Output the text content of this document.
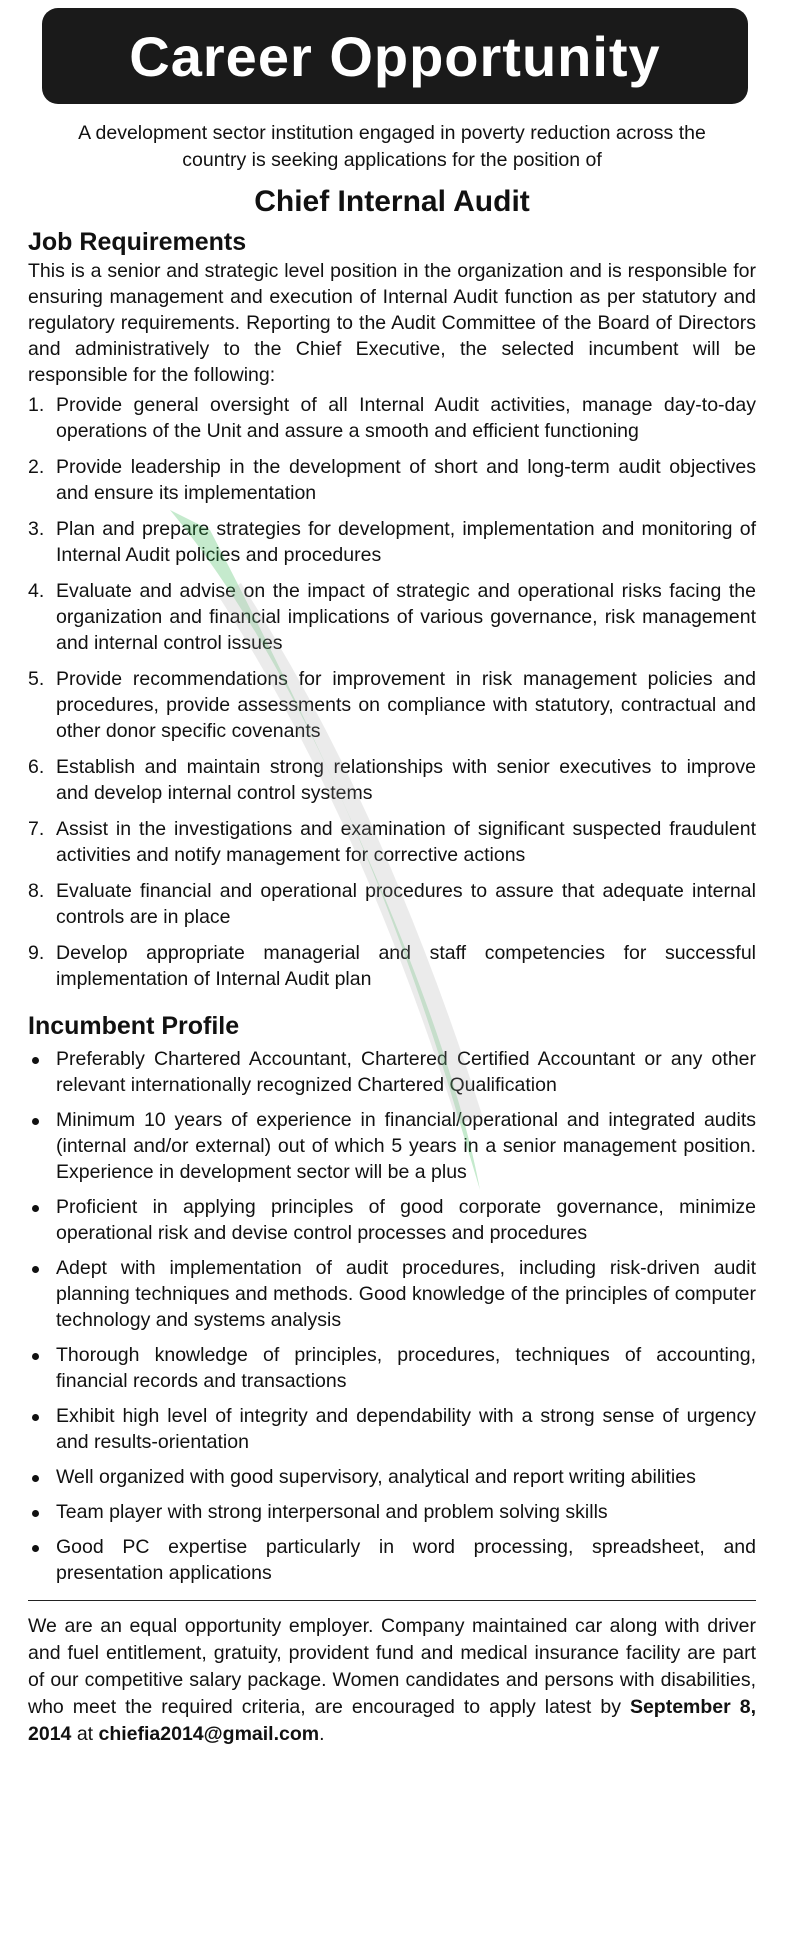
Career Opportunity
A development sector institution engaged in poverty reduction across the
country is seeking applications for the position of
Chief Internal Audit
Job Requirements
This is a senior and strategic level position in the organization and is responsible for ensuring management and execution of Internal Audit function as per statutory and regulatory requirements. Reporting to the Audit Committee of the Board of Directors and administratively to the Chief Executive, the selected incumbent will be responsible for the following:
1. Provide general oversight of all Internal Audit activities, manage day-to-day operations of the Unit and assure a smooth and efficient functioning
2. Provide leadership in the development of short and long-term audit objectives and ensure its implementation
3. Plan and prepare strategies for development, implementation and monitoring of Internal Audit policies and procedures
4. Evaluate and advise on the impact of strategic and operational risks facing the organization and financial implications of various governance, risk management and internal control issues
5. Provide recommendations for improvement in risk management policies and procedures, provide assessments on compliance with statutory, contractual and other donor specific covenants
6. Establish and maintain strong relationships with senior executives to improve and develop internal control systems
7. Assist in the investigations and examination of significant suspected fraudulent activities and notify management for corrective actions
8. Evaluate financial and operational procedures to assure that adequate internal controls are in place
9. Develop appropriate managerial and staff competencies for successful implementation of Internal Audit plan
Incumbent Profile
Preferably Chartered Accountant, Chartered Certified Accountant or any other relevant internationally recognized Chartered Qualification
Minimum 10 years of experience in financial/operational and integrated audits (internal and/or external) out of which 5 years in a senior management position. Experience in development sector will be a plus
Proficient in applying principles of good corporate governance, minimize operational risk and devise control processes and procedures
Adept with implementation of audit procedures, including risk-driven audit planning techniques and methods. Good knowledge of the principles of computer technology and systems analysis
Thorough knowledge of principles, procedures, techniques of accounting, financial records and transactions
Exhibit high level of integrity and dependability with a strong sense of urgency and results-orientation
Well organized with good supervisory, analytical and report writing abilities
Team player with strong interpersonal and problem solving skills
Good PC expertise particularly in word processing, spreadsheet, and presentation applications
We are an equal opportunity employer. Company maintained car along with driver and fuel entitlement, gratuity, provident fund and medical insurance facility are part of our competitive salary package. Women candidates and persons with disabilities, who meet the required criteria, are encouraged to apply latest by September 8, 2014 at chiefia2014@gmail.com.
